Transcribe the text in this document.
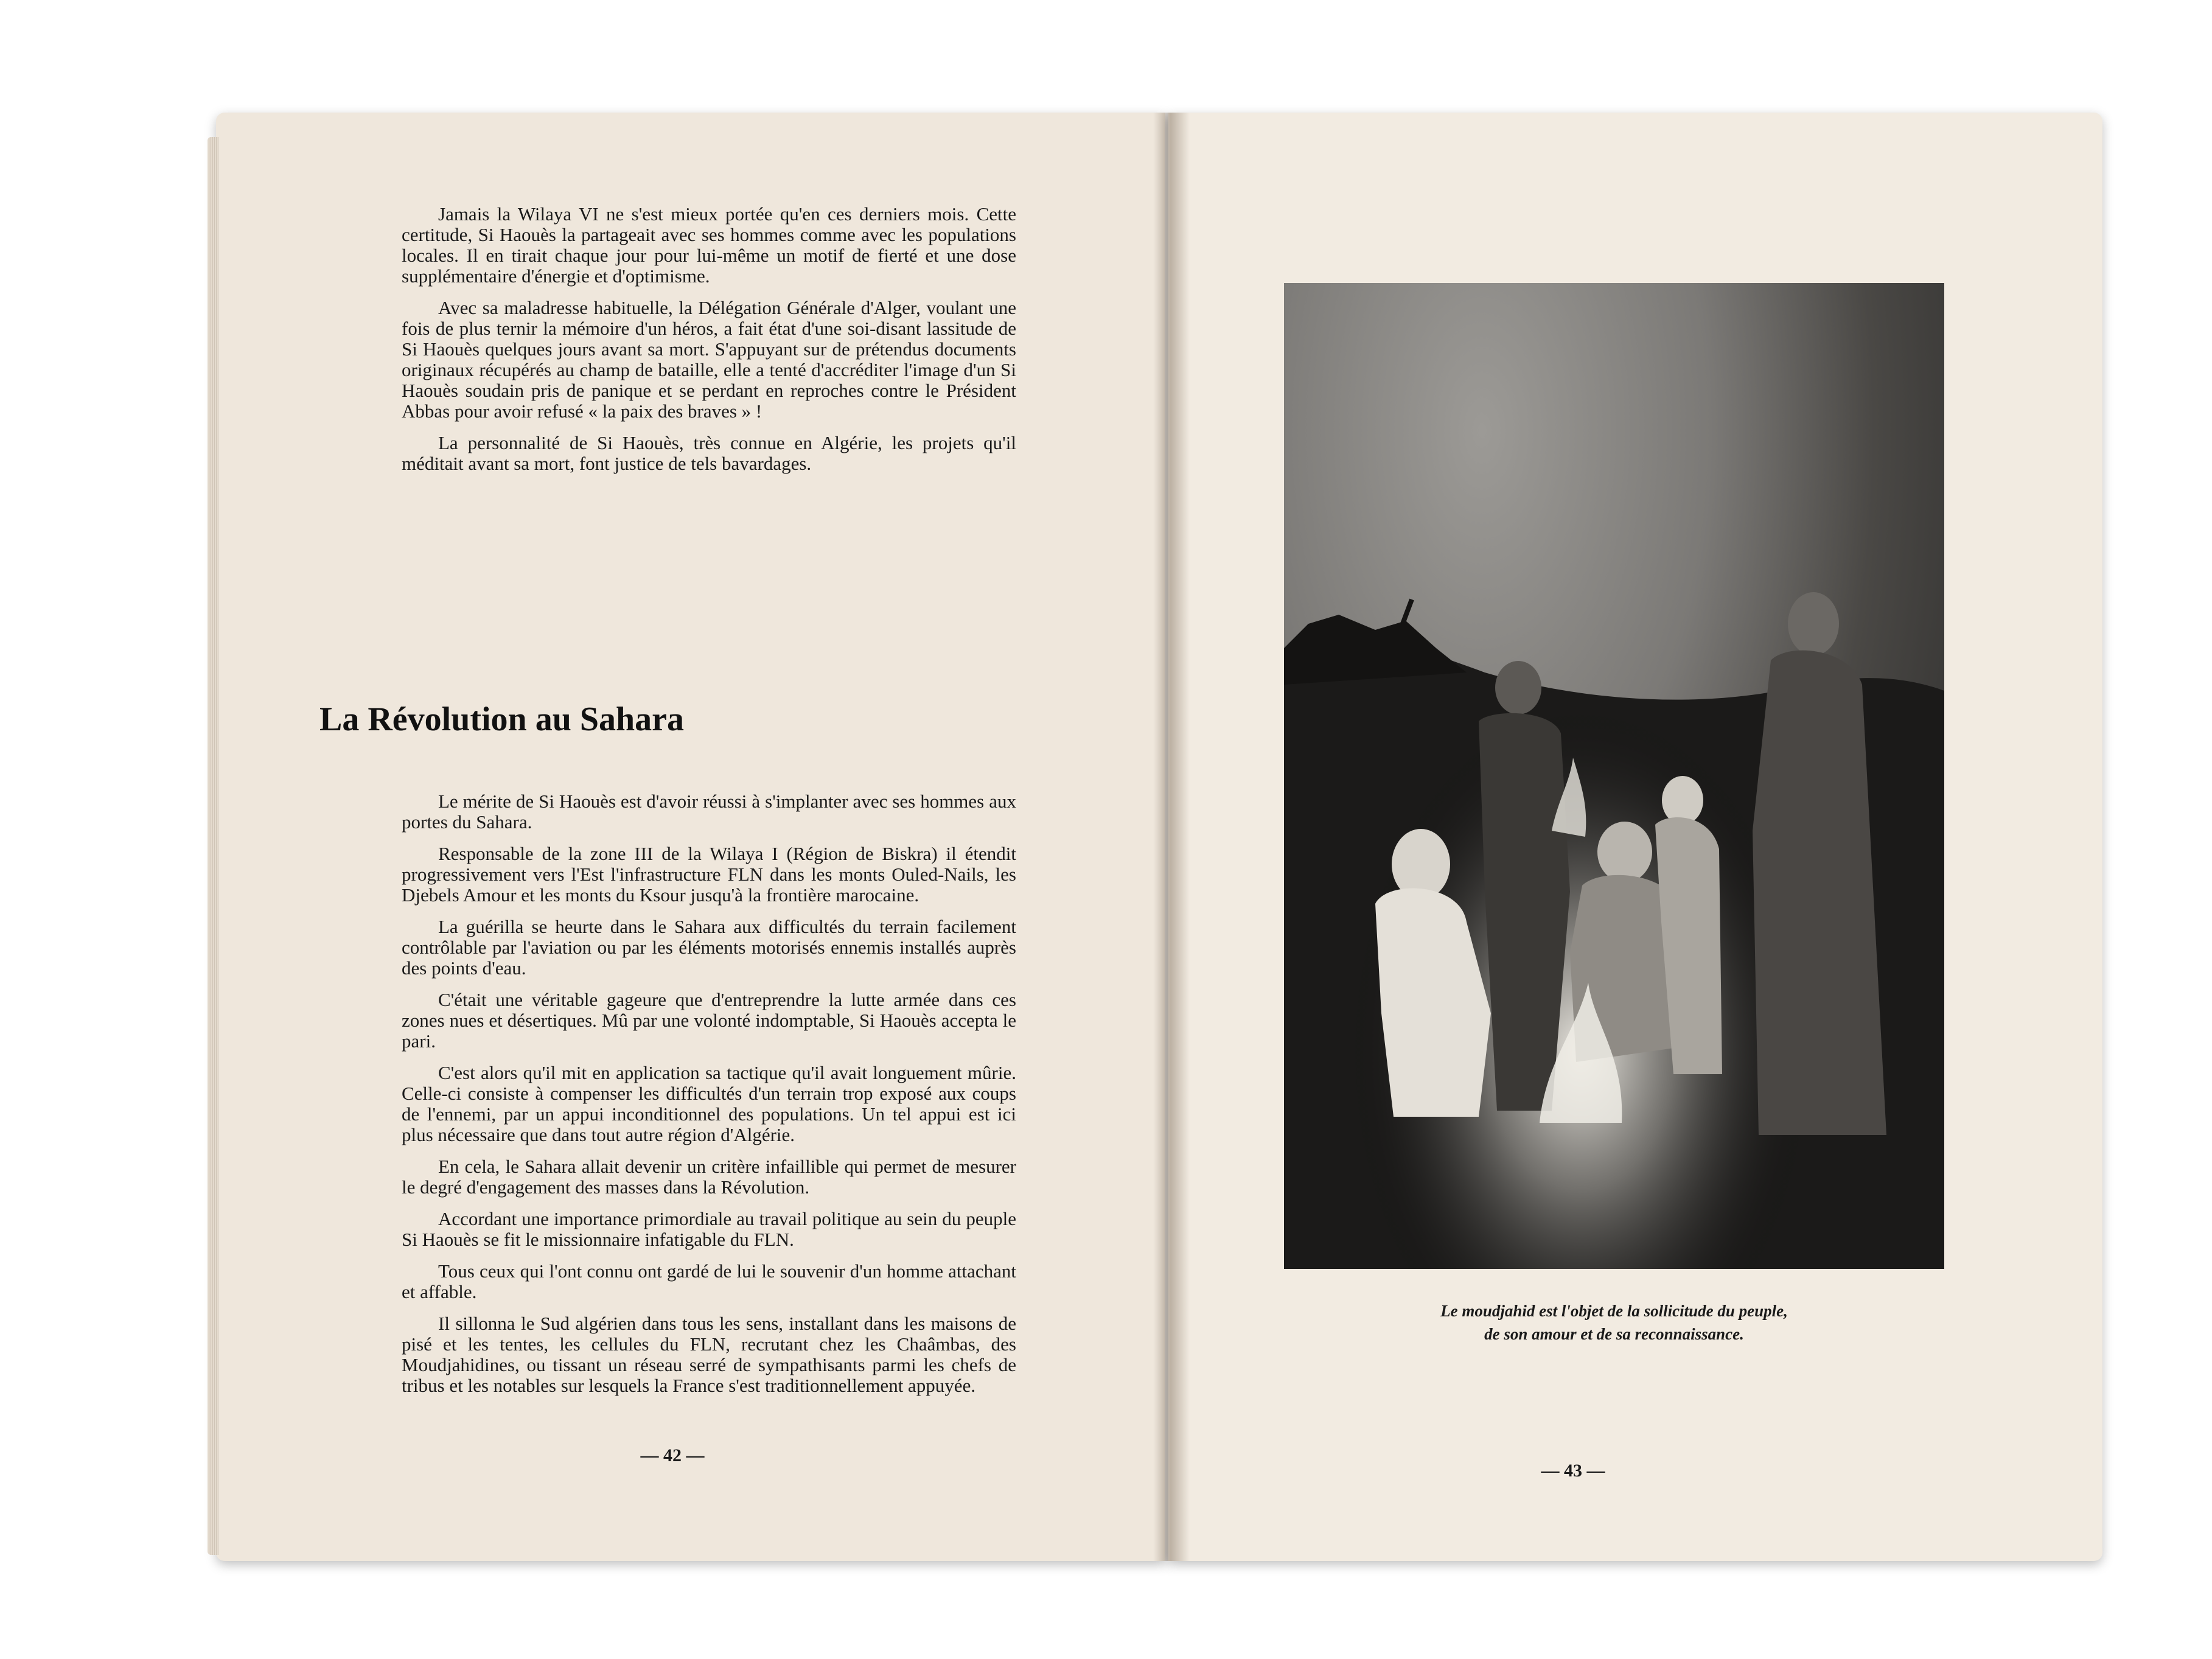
Jamais la Wilaya VI ne s'est mieux portée qu'en ces derniers mois. Cette certitude, Si Haouès la partageait avec ses hommes comme avec les populations locales. Il en tirait chaque jour pour lui-même un motif de fierté et une dose supplémentaire d'énergie et d'optimisme.

Avec sa maladresse habituelle, la Délégation Générale d'Alger, voulant une fois de plus ternir la mémoire d'un héros, a fait état d'une soi-disant lassitude de Si Haouès quelques jours avant sa mort. S'appuyant sur de prétendus documents originaux récupérés au champ de bataille, elle a tenté d'accréditer l'image d'un Si Haouès soudain pris de panique et se perdant en reproches contre le Président Abbas pour avoir refusé « la paix des braves » !

La personnalité de Si Haouès, très connue en Algérie, les projets qu'il méditait avant sa mort, font justice de tels bavardages.

La Révolution au Sahara

Le mérite de Si Haouès est d'avoir réussi à s'implanter avec ses hommes aux portes du Sahara.

Responsable de la zone III de la Wilaya I (Région de Biskra) il étendit progressivement vers l'Est l'infrastructure FLN dans les monts Ouled-Nails, les Djebels Amour et les monts du Ksour jusqu'à la frontière marocaine.

La guérilla se heurte dans le Sahara aux difficultés du terrain facilement contrôlable par l'aviation ou par les éléments motorisés ennemis installés auprès des points d'eau.

C'était une véritable gageure que d'entreprendre la lutte armée dans ces zones nues et désertiques. Mû par une volonté indomptable, Si Haouès accepta le pari.

C'est alors qu'il mit en application sa tactique qu'il avait longuement mûrie. Celle-ci consiste à compenser les difficultés d'un terrain trop exposé aux coups de l'ennemi, par un appui inconditionnel des populations. Un tel appui est ici plus nécessaire que dans tout autre région d'Algérie.

En cela, le Sahara allait devenir un critère infaillible qui permet de mesurer le degré d'engagement des masses dans la Révolution.

Accordant une importance primordiale au travail politique au sein du peuple Si Haouès se fit le missionnaire infatigable du FLN.

Tous ceux qui l'ont connu ont gardé de lui le souvenir d'un homme attachant et affable.

Il sillonna le Sud algérien dans tous les sens, installant dans les maisons de pisé et les tentes, les cellules du FLN, recrutant chez les Chaâmbas, des Moudjahidines, ou tissant un réseau serré de sympathisants parmi les chefs de tribus et les notables sur lesquels la France s'est traditionnellement appuyée.

— 42 —
Le moudjahid est l'objet de la sollicitude du peuple,
de son amour et de sa reconnaissance.
— 43 —
